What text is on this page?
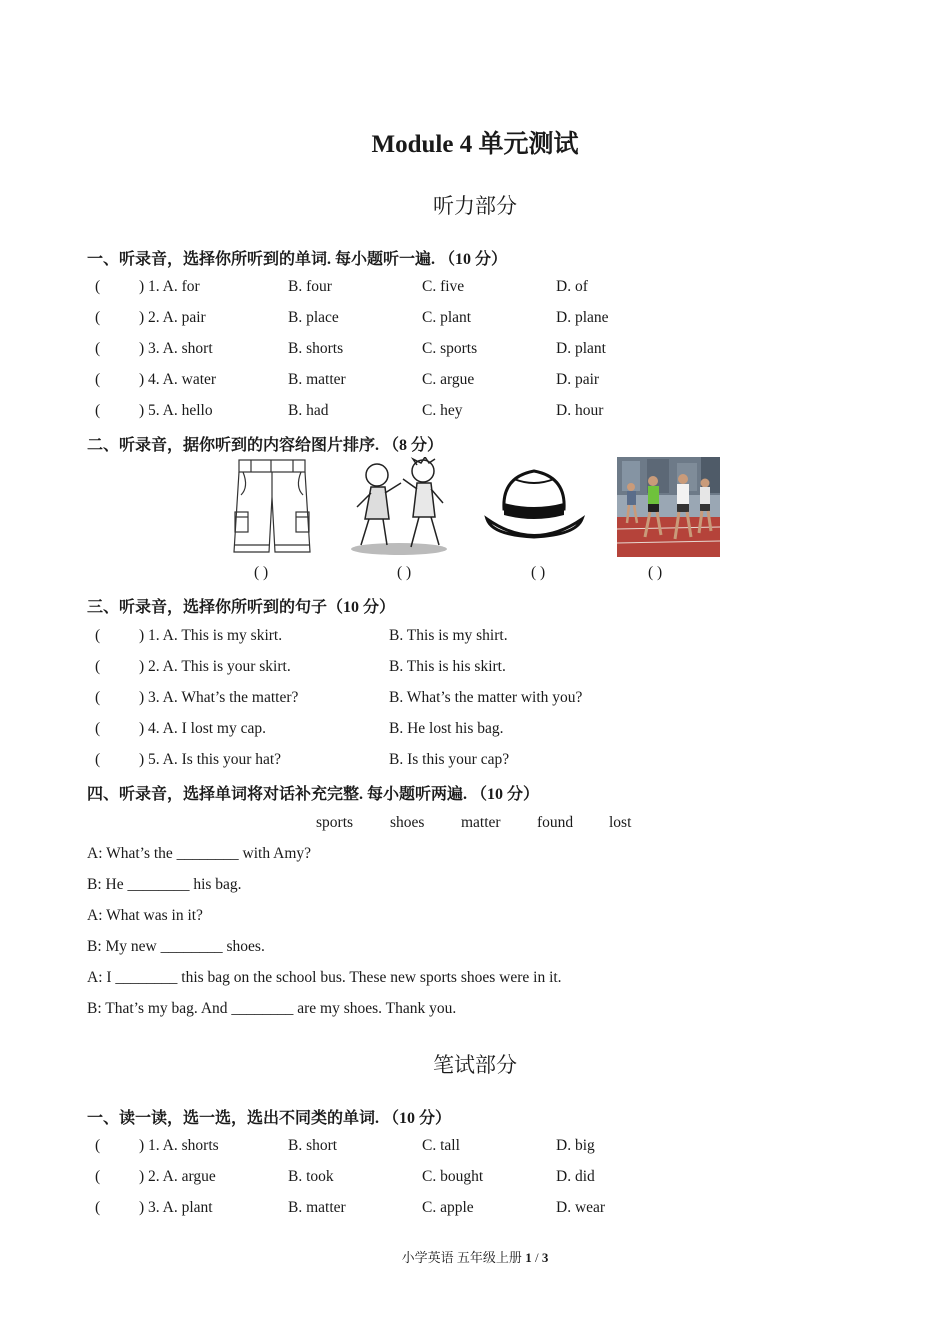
Module 4 单元测试
听力部分
一、听录音，选择你所听到的单词. 每小题听一遍. （10 分）
(	) 1. A. for	B. four	C. five	D. of
(	) 2. A. pair	B. place	C. plant	D. plane
(	) 3. A. short	B. shorts	C. sports	D. plant
(	) 4. A. water	B. matter	C. argue	D. pair
(	) 5. A. hello	B. had	C. hey	D. hour
二、听录音，据你听到的内容给图片排序. （8 分）
( )	( )	( )	( )
三、听录音，选择你所听到的句子（10 分）
(	) 1. A. This is my skirt.	B. This is my shirt.
(	) 2. A. This is your skirt.	B. This is his skirt.
(	) 3. A. What’s the matter?	B. What’s the matter with you?
(	) 4. A. I lost my cap.	B. He lost his bag.
(	) 5. A. Is this your hat?	B. Is this your cap?
四、听录音，选择单词将对话补充完整. 每小题听两遍. （10 分）
sports shoes matter found lost
A: What’s the ________ with Amy?
B: He ________ his bag.
A: What was in it?
B: My new ________ shoes.
A: I ________ this bag on the school bus. These new sports shoes were in it.
B: That’s my bag. And ________ are my shoes. Thank you.
笔试部分
一、读一读，选一选，选出不同类的单词. （10 分）
(	) 1. A. shorts	B. short	C. tall	D. big
(	) 2. A. argue	B. took	C. bought	D. did
(	) 3. A. plant	B. matter	C. apple	D. wear
小学英语 五年级上册 1 / 3
